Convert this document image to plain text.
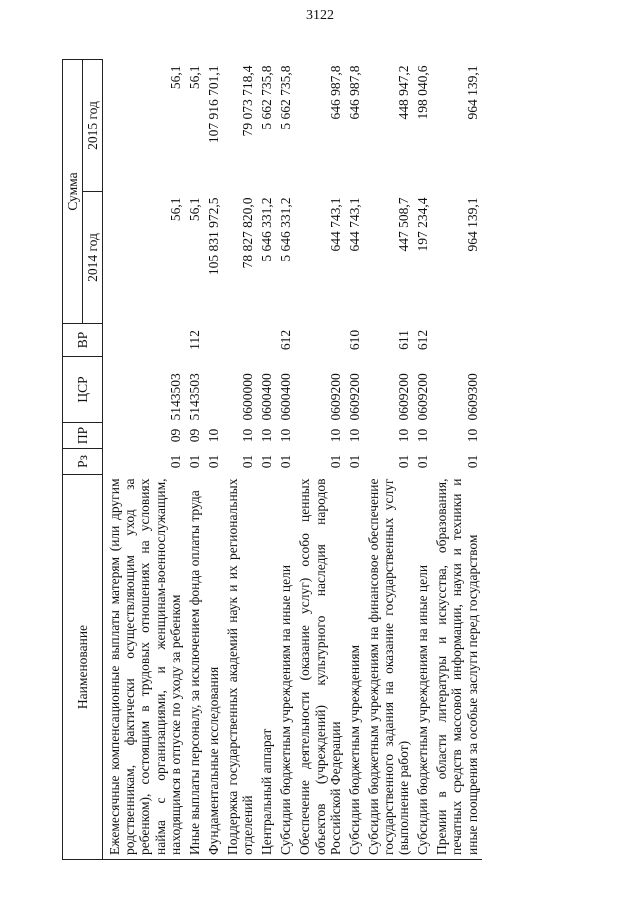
3122
Наименование	Рз	ПР	ЦСР	ВР	Сумма	
					2014 год	2015 год
Ежемесячные компенсационные выплаты матерям (или другим родственникам, фактически осуществляющим уход за ребенком), состоящим в трудовых отношениях на условиях найма с организациями, и женщинам-военнослужащим, находящимся в отпуске по уходу за ребенком	01	09	5143503		56,1	56,1
Иные выплаты персоналу, за исключением фонда оплаты труда	01	09	5143503	112	56,1	56,1
Фундаментальные исследования	01	10			105 831 972,5	107 916 701,1
Поддержка государственных академий наук и их региональных отделений	01	10	0600000		78 827 820,0	79 073 718,4
Центральный аппарат	01	10	0600400		5 646 331,2	5 662 735,8
Субсидии бюджетным учреждениям на иные цели	01	10	0600400	612	5 646 331,2	5 662 735,8
Обеспечение деятельности (оказание услуг) особо ценных объектов (учреждений) культурного наследия народов Российской Федерации	01	10	0609200		644 743,1	646 987,8
Субсидии бюджетным учреждениям	01	10	0609200	610	644 743,1	646 987,8
Субсидии бюджетным учреждениям на финансовое обеспечение государственного задания на оказание государственных услуг (выполнение работ)	01	10	0609200	611	447 508,7	448 947,2
Субсидии бюджетным учреждениям на иные цели	01	10	0609200	612	197 234,4	198 040,6
Премии в области литературы и искусства, образования, печатных средств массовой информации, науки и техники и иные поощрения за особые заслуги перед государством	01	10	0609300		964 139,1	964 139,1
